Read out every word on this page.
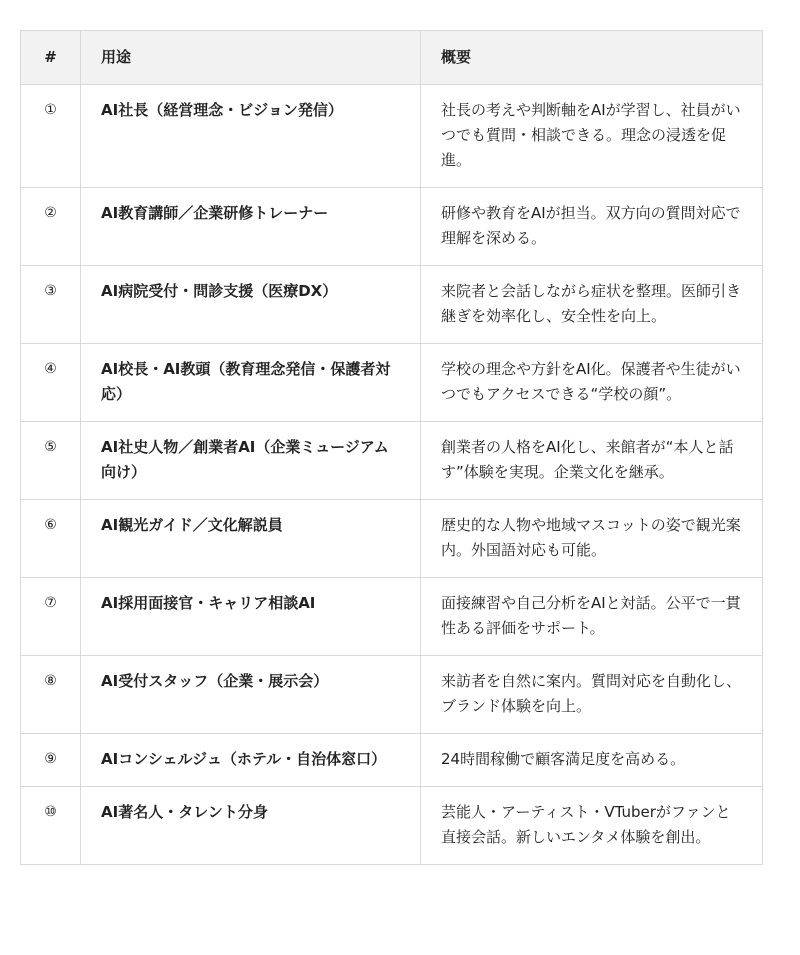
#	用途	概要
①	AI社長（経営理念・ビジョン発信）	社長の考えや判断軸をAIが学習し、社員がいつでも質問・相談できる。理念の浸透を促進。
②	AI教育講師／企業研修トレーナー	研修や教育をAIが担当。双方向の質問対応で理解を深める。
③	AI病院受付・問診支援（医療DX）	来院者と会話しながら症状を整理。医師引き継ぎを効率化し、安全性を向上。
④	AI校長・AI教頭（教育理念発信・保護者対応）	学校の理念や方針をAI化。保護者や生徒がいつでもアクセスできる“学校の顔”。
⑤	AI社史人物／創業者AI（企業ミュージアム向け）	創業者の人格をAI化し、来館者が“本人と話す”体験を実現。企業文化を継承。
⑥	AI観光ガイド／文化解説員	歴史的な人物や地域マスコットの姿で観光案内。外国語対応も可能。
⑦	AI採用面接官・キャリア相談AI	面接練習や自己分析をAIと対話。公平で一貫性ある評価をサポート。
⑧	AI受付スタッフ（企業・展示会）	来訪者を自然に案内。質問対応を自動化し、ブランド体験を向上。
⑨	AIコンシェルジュ（ホテル・自治体窓口）	24時間稼働で顧客満足度を高める。
⑩	AI著名人・タレント分身	芸能人・アーティスト・VTuberがファンと直接会話。新しいエンタメ体験を創出。
